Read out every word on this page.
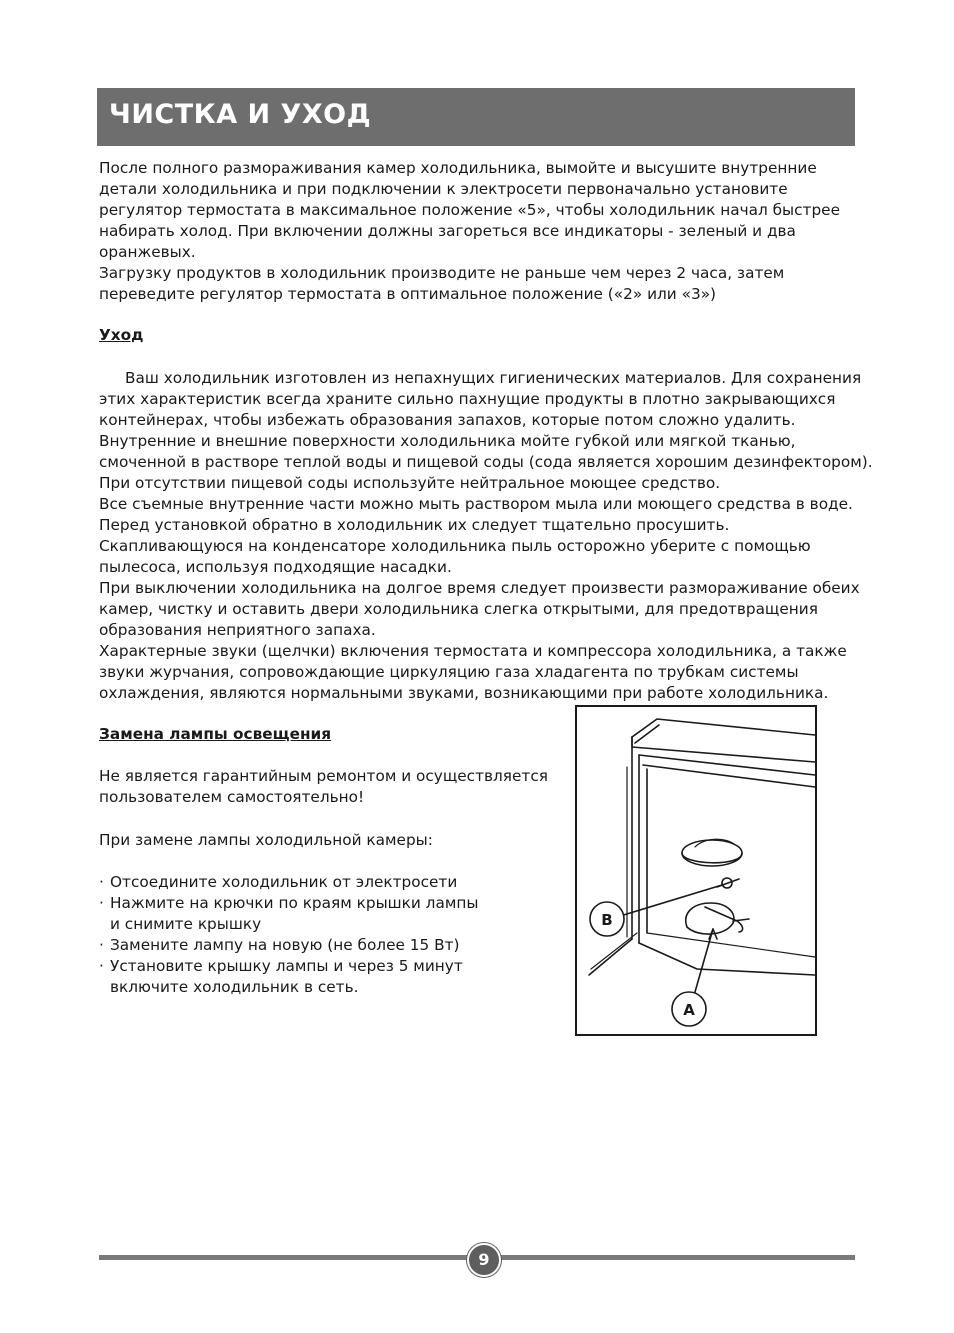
ЧИСТКА И УХОД
После полного размораживания камер холодильника, вымойте и высушите внутренние
детали холодильника и при подключении к электросети первоначально установите
регулятор термостата в максимальное положение «5», чтобы холодильник начал быстрее
набирать холод. При включении должны загореться все индикаторы - зеленый и два
оранжевых.
Загрузку продуктов в холодильник производите не раньше чем через 2 часа, затем
переведите регулятор термостата в оптимальное положение («2» или «3»)
Уход
Ваш холодильник изготовлен из непахнущих гигиенических материалов. Для сохранения
этих характеристик всегда храните сильно пахнущие продукты в плотно закрывающихся
контейнерах, чтобы избежать образования запахов, которые потом сложно удалить.
Внутренние и внешние поверхности холодильника мойте губкой или мягкой тканью,
смоченной в растворе теплой воды и пищевой соды (сода является хорошим дезинфектором).
При отсутствии пищевой соды используйте нейтральное моющее средство.
Все съемные внутренние части можно мыть раствором мыла или моющего средства в воде.
Перед установкой обратно в холодильник их следует тщательно просушить.
Скапливающуюся на конденсаторе холодильника пыль осторожно уберите с помощью
пылесоса, используя подходящие насадки.
При выключении холодильника на долгое время следует произвести размораживание обеих
камер, чистку и оставить двери холодильника слегка открытыми, для предотвращения
образования неприятного запаха.
Характерные звуки (щелчки) включения термостата и компрессора холодильника, а также
звуки журчания, сопровождающие циркуляцию газа хладагента по трубкам системы
охлаждения, являются нормальными звуками, возникающими при работе холодильника.
Замена лампы освещения
Не является гарантийным ремонтом и осуществляется
пользователем самостоятельно!
При замене лампы холодильной камеры:
· Отсоедините холодильник от электросети
· Нажмите на крючки по краям крышки лампы
и снимите крышку
· Замените лампу на новую (не более 15 Вт)
· Установите крышку лампы и через 5 минут
включите холодильник в сеть.
B
A
9
